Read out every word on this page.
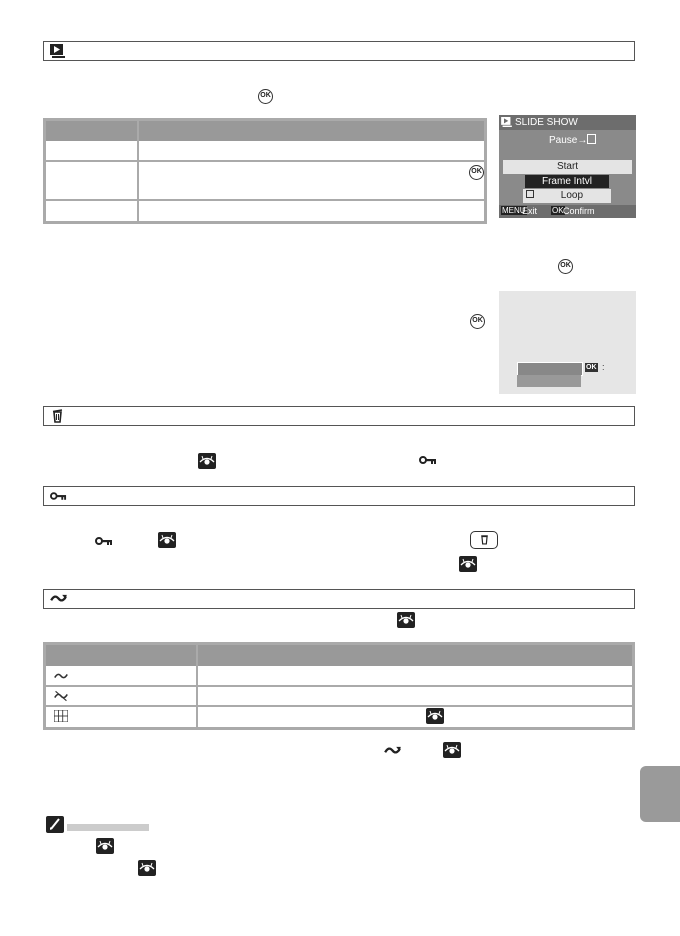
OK
OK
SLIDE SHOW
Pause→
Start
Frame Intvl
Loop
MENU
Exit OK Confirm
OK
OK
OK :
